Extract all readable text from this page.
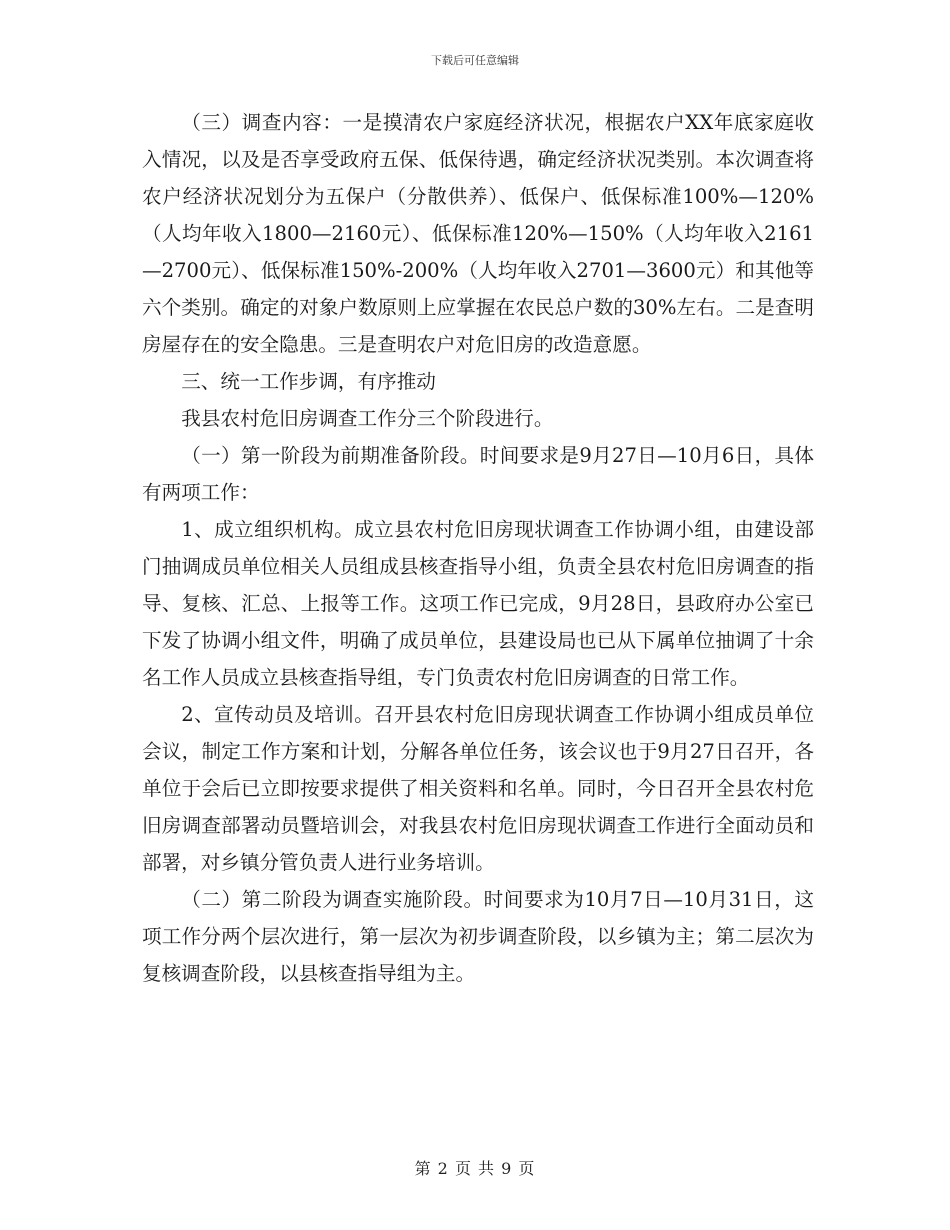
下载后可任意编辑

（三）调查内容：一是摸清农户家庭经济状况，根据农户XX年底家庭收入情况，以及是否享受政府五保、低保待遇，确定经济状况类别。本次调查将农户经济状况划分为五保户（分散供养）、低保户、低保标准100%—120%（人均年收入1800—2160元）、低保标准120%—150%（人均年收入2161—2700元）、低保标准150%-200%（人均年收入2701—3600元）和其他等六个类别。确定的对象户数原则上应掌握在农民总户数的30%左右。二是查明房屋存在的安全隐患。三是查明农户对危旧房的改造意愿。

三、统一工作步调，有序推动

我县农村危旧房调查工作分三个阶段进行。

（一）第一阶段为前期准备阶段。时间要求是9月27日—10月6日，具体有两项工作：

1、成立组织机构。成立县农村危旧房现状调查工作协调小组，由建设部门抽调成员单位相关人员组成县核查指导小组，负责全县农村危旧房调查的指导、复核、汇总、上报等工作。这项工作已完成，9月28日，县政府办公室已下发了协调小组文件，明确了成员单位，县建设局也已从下属单位抽调了十余名工作人员成立县核查指导组，专门负责农村危旧房调查的日常工作。

2、宣传动员及培训。召开县农村危旧房现状调查工作协调小组成员单位会议，制定工作方案和计划，分解各单位任务，该会议也于9月27日召开，各单位于会后已立即按要求提供了相关资料和名单。同时，今日召开全县农村危旧房调查部署动员暨培训会，对我县农村危旧房现状调查工作进行全面动员和部署，对乡镇分管负责人进行业务培训。

（二）第二阶段为调查实施阶段。时间要求为10月7日—10月31日，这项工作分两个层次进行，第一层次为初步调查阶段，以乡镇为主；第二层次为复核调查阶段，以县核查指导组为主。

第 2 页 共 9 页
